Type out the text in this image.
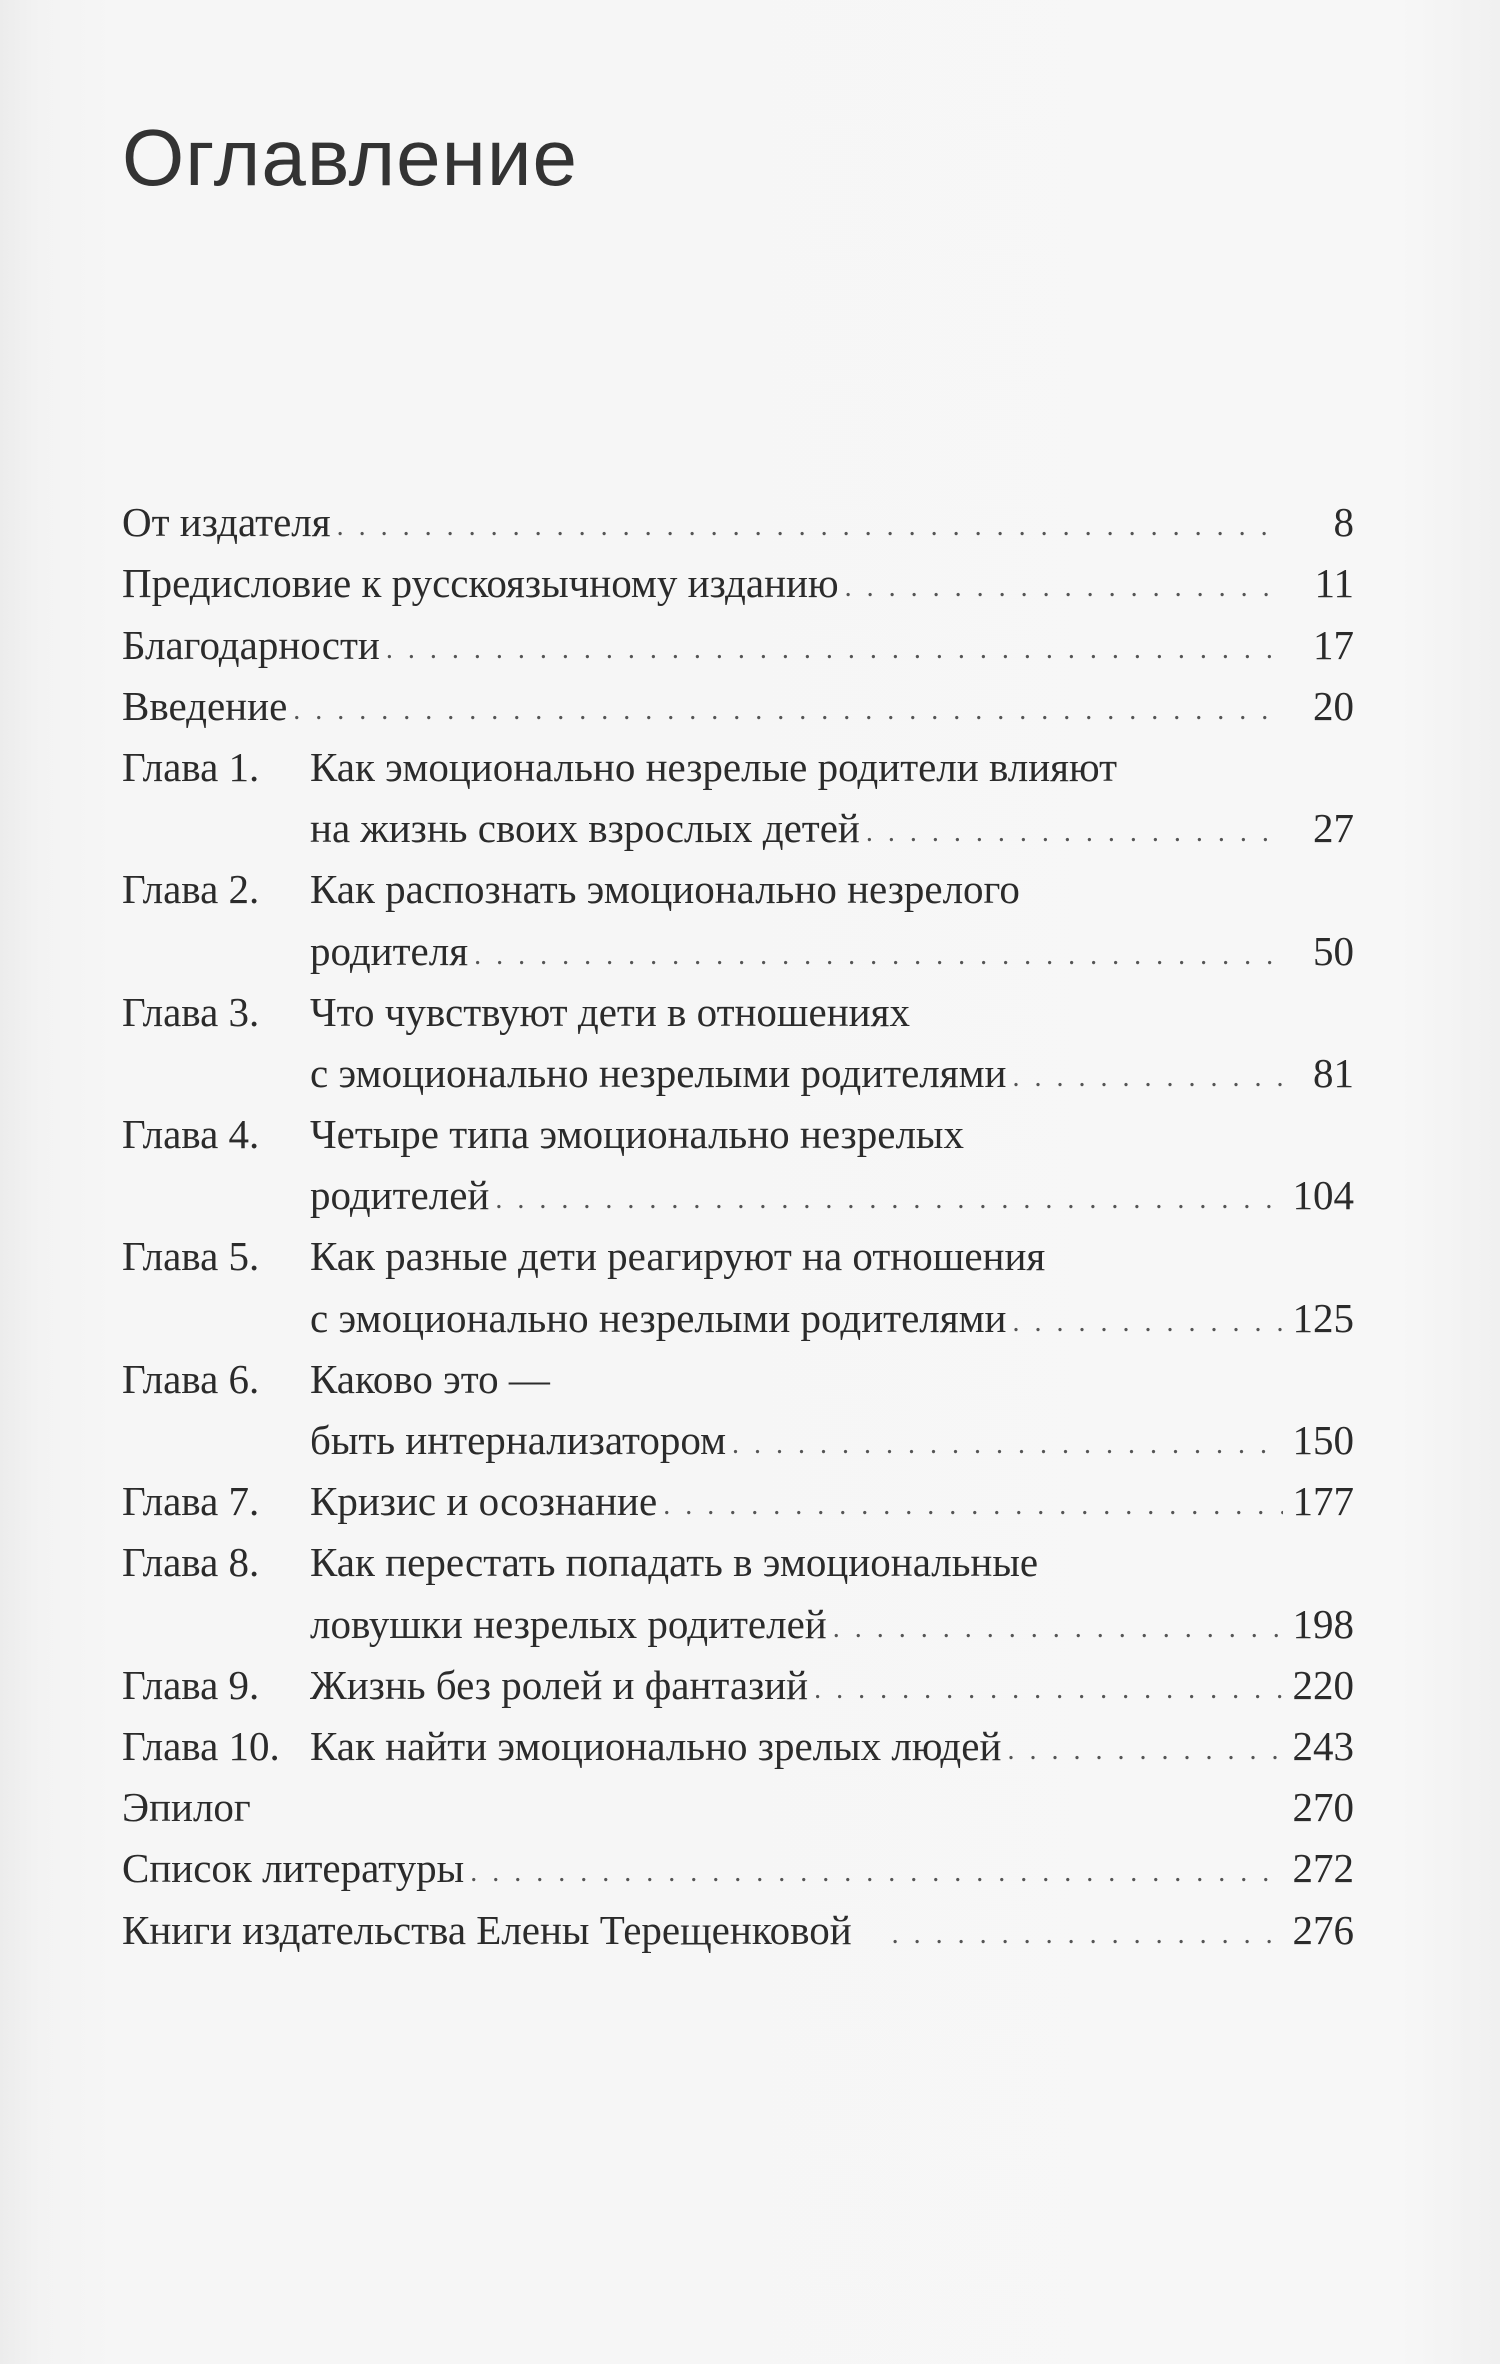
Оглавление
От издателя . . .	8
Предисловие к русскоязычному изданию . . .	11
Благодарности . . .	17
Введение . . .	20
Глава 1.	Как эмоционально незрелые родители влияют
на жизнь своих взрослых детей . . .	27
Глава 2.	Как распознать эмоционально незрелого
родителя . . .	50
Глава 3.	Что чувствуют дети в отношениях
с эмоционально незрелыми родителями . . .	81
Глава 4.	Четыре типа эмоционально незрелых
родителей . . .	104
Глава 5.	Как разные дети реагируют на отношения
с эмоционально незрелыми родителями . . .	125
Глава 6.	Каково это —
быть интернализатором . . .	150
Глава 7.	Кризис и осознание . . .	177
Глава 8.	Как перестать попадать в эмоциональные
ловушки незрелых родителей . . .	198
Глава 9.	Жизнь без ролей и фантазий . . .	220
Глава 10. Как найти эмоционально зрелых людей . . .	243
Эпилог	270
Список литературы . . .	272
Книги издательства Елены Терещенковой . . .	276
